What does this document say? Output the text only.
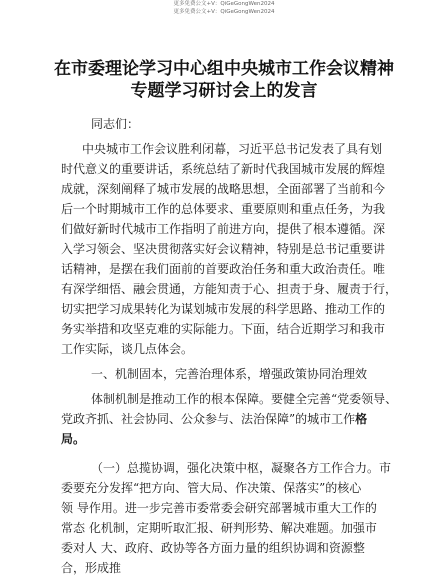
更多免费公文+V：QiGeGongWen2024
更多免费公文+V：QiGeGongWen2024
在市委理论学习中心组中央城市工作会议精神
专题学习研讨会上的发言
同志们：
中央城市工作会议胜利闭幕，习近平总书记发表了具有划
时代意义的重要讲话，系统总结了新时代我国城市发展的辉煌
成就，深刻阐释了城市发展的战略思想，全面部署了当前和今
后一个时期城市工作的总体要求、重要原则和重点任务，为我
们做好新时代城市工作指明了前进方向，提供了根本遵循。深
入学习领会、坚决贯彻落实好会议精神，特别是总书记重要讲
话精神，是摆在我们面前的首要政治任务和重大政治责任。唯
有深学细悟、融会贯通，方能知责于心、担责于身、履责于行，
切实把学习成果转化为谋划城市发展的科学思路、推动工作的
务实举措和攻坚克难的实际能力。下面，结合近期学习和我市
工作实际，谈几点体会。
一、机制固本，完善治理体系，增强政策协同治理效
体制机制是推动工作的根本保障。要健全完善“党委领导、
党政齐抓、社会协同、公众参与、法治保障”的城市工作格
局。
（一）总揽协调，强化决策中枢，凝聚各方工作合力。市
委要充分发挥“把方向、管大局、作决策、保落实”的核心
领 导作用。进一步完善市委常委会研究部署城市重大工作的
常态 化机制，定期听取汇报、研判形势、解决难题。加强市
委对人 大、政府、政协等各方面力量的组织协调和资源整
合，形成推
